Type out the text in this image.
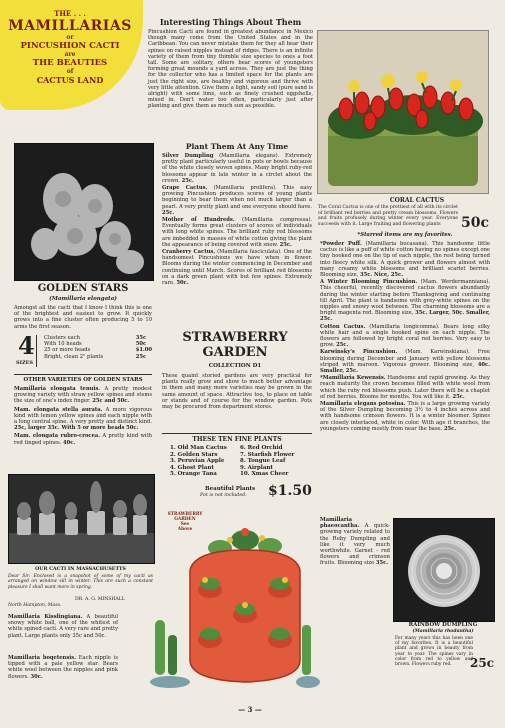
THE . . .
MAMILLARIAS
or
PINCUSHION CACTI
are
THE BEAUTIES
of
CACTUS LAND
Interesting Things About Them
Pincushion Cacti are found in greatest abundance in Mexico though many come from the United States and in the Caribbean. You can never mistake them for they all bear their spines on raised nipples instead of ridges. There is an infinite variety of them from tiny thimble size species to ones a foot tall. Some are solitary, others bear scores of youngsters forming great mounds a yard across. They are just the thing for the collector who has a limited space for the plants are just the right size, are healthy and vigorous and thrive with very little attention. Give them a light, sandy soil (pure sand is alright) with some lime, such as finely crushed eggshells, mixed in. Don't water too often, particularly just after planting and give them as much sun as possible.
CORAL CACTUS
The Coral Cactus is one of the prettiest of all with its circlet of brilliant red berries and pretty cream blossoms. Flowers and fruits profusely during winter every year. Everyone succeeds with it. Large fruiting and flowering plants	50c
GOLDEN STARS
(Mamillaria elongata)
Amongst all the cacti that I know I think this is one of the brightest and easiest to grow. It quickly grows into a fine cluster often producing 5 to 10 arms the first season.
4
SIZES
Clusters each	35c
With 10 heads	50c
25 or more heads	$1.00
Bright, clean 2" plants	25c
OTHER VARIETIES OF GOLDEN STARS
Mamillaria elongata tenuis. A pretty modest growing variety with straw yellow spines and stems the size of one's index finger. 25c and 50c.
Mam. elongata stella aurata. A more vigorous kind with lemon yellow spines and each nipple with a long central spine. A very pretty and distinct kind. 25c, larger 35c. With 5 or more heads 50c.
Mam. elongata rubro-crocea. A pretty kind with red tinged spines. 40c.
OUR CACTI IN MASSACHUSETTS
Dear Sir: Enclosed is a snapshot of some of my cacti as arranged on window sill in winter. This are such a constant pleasure I shall want more in spring.
DR. A. G. MINSHALL
North Hampton, Mass.
Mamillaria Kisslingiana. A beautiful snowy white ball, one of the whitest of white spined cacti. A very rare and pretty plant. Large plants only 35c and 50c.
Mamillaria boqetensis. Each nipple is tipped with a pale yellow star. Bears white wool between the nipples and pink flowers. 30c.
Plant Them At Any Time
Silver Dumpling (Mamillaria elegans). Extremely pretty plant particularly useful in pots or bowls because of the white closely woven spines. Many bright ruby-red blossoms appear in late winter in a circlet about the crown. 25c.
Grape Cactus. (Mamillaria prolifera). This easy growing Pincushion produces scores of young plants beginning to bear them when not much larger than a pearl. A very pretty plant and one everyone should have. 25c.
Mother of Hundreds. (Mamillaria compressa). Eventually forms great clusters of scores of individuals with long white spines. The brilliant ruby red blossoms are imbedded in masses of white cotton giving the plant the appearance of being covered with snow. 25c.
Cranberry Cactus. (Mamillaria fasciculata). One of the handsomest Pincushions we have when in flower. Blooms during the winter commencing in December and continuing until March. Scores of brilliant red blossoms on a dark green plant with but few spines. Extremely rare. 50c.
STRAWBERRY
GARDEN
COLLECTION D1
These quaint storied gardens are very practical for plants really grow and show to much better advantage in them and many more varieties may be grown in the same amount of space. Attractive too, to place on table or stands and of course for the window garden. Pots may be procured from department stores.
THESE TEN FINE PLANTS
1. Old Man Cactus	6. Red Orchid
2. Golden Stars	7. Starfish Flower
3. Peruvian Apple	8. Tongue Leaf
4. Ghost Plant	9. Airplant
5. Orange Tana	10. Xmas Cheer
Beautiful Plants
Pot is not included. $1.50
STRAWBERRY
GARDEN
See
Above
*Starred items are my favorites.
*Powder Puff. (Mamillaria bocasana). This handsome little cactus is like a puff of white cotton having no spines except one tiny hooked one on the tip of each nipple, the rest being turned into fleecy white silk. A quick grower and flowers almost with many creamy white blossoms and brilliant scarlet berries. Blooming size, 35c. Nice, 25c.
A Winter Blooming Pincushion. (Mam. Werdermanniana). This cheerful, recently discovered cactus flowers abundantly during the winter starting before Thanksgiving and continuing till April. The plant is handsome with grey-white spines on the nipples and snowy wool between. The charming blossoms are a bright magenta red. Blooming size, 35c. Larger, 50c. Smaller, 25c.
Cotton Cactus. (Mamillaria longicomma). Bears long silky white hair and a single hooked spine on each nipple. The flowers are followed by bright coral red berries. Very easy to grow. 25c.
Karwinsky's Pincushion. (Mam. Karwinskiana). Free blooming during December and January with yellow blossoms striped with maroon. Vigorous grower. Blooming size, 40c. Smaller, 25c.
*Mamillaria Kewensis. Handsome and rapid growing. As they reach maturity the crown becomes filled with white wool from which the ruby red blossoms push. Later there will be a chaplet of red berries. Blooms for months. You will like it. 25c.
Mamillaria elegans potosina. This is a large growing variety of the Silver Dumpling becoming 3½ to 4 inches across and with handsome crimson flowers. It is a winter bloomer. Spines are closely interlaced, white in color. With age it branches, the youngsters coming mostly from near the base. 25c.
Mamillaria phaeocantha. A quick-growing variety related to the Ruby Dumpling and like it very much worthwhile. Garnet - red flowers and crimson fruits. Blooming size 35c.
RAINBOW DUMPLING
(Mamillaria rhodantha)
For many years this has been one of my favorites. It is a beautiful plant and grows in beauty from year to year. The spines vary in color from red to yellow and brown. Flowers ruby red.	25c
— 3 —
